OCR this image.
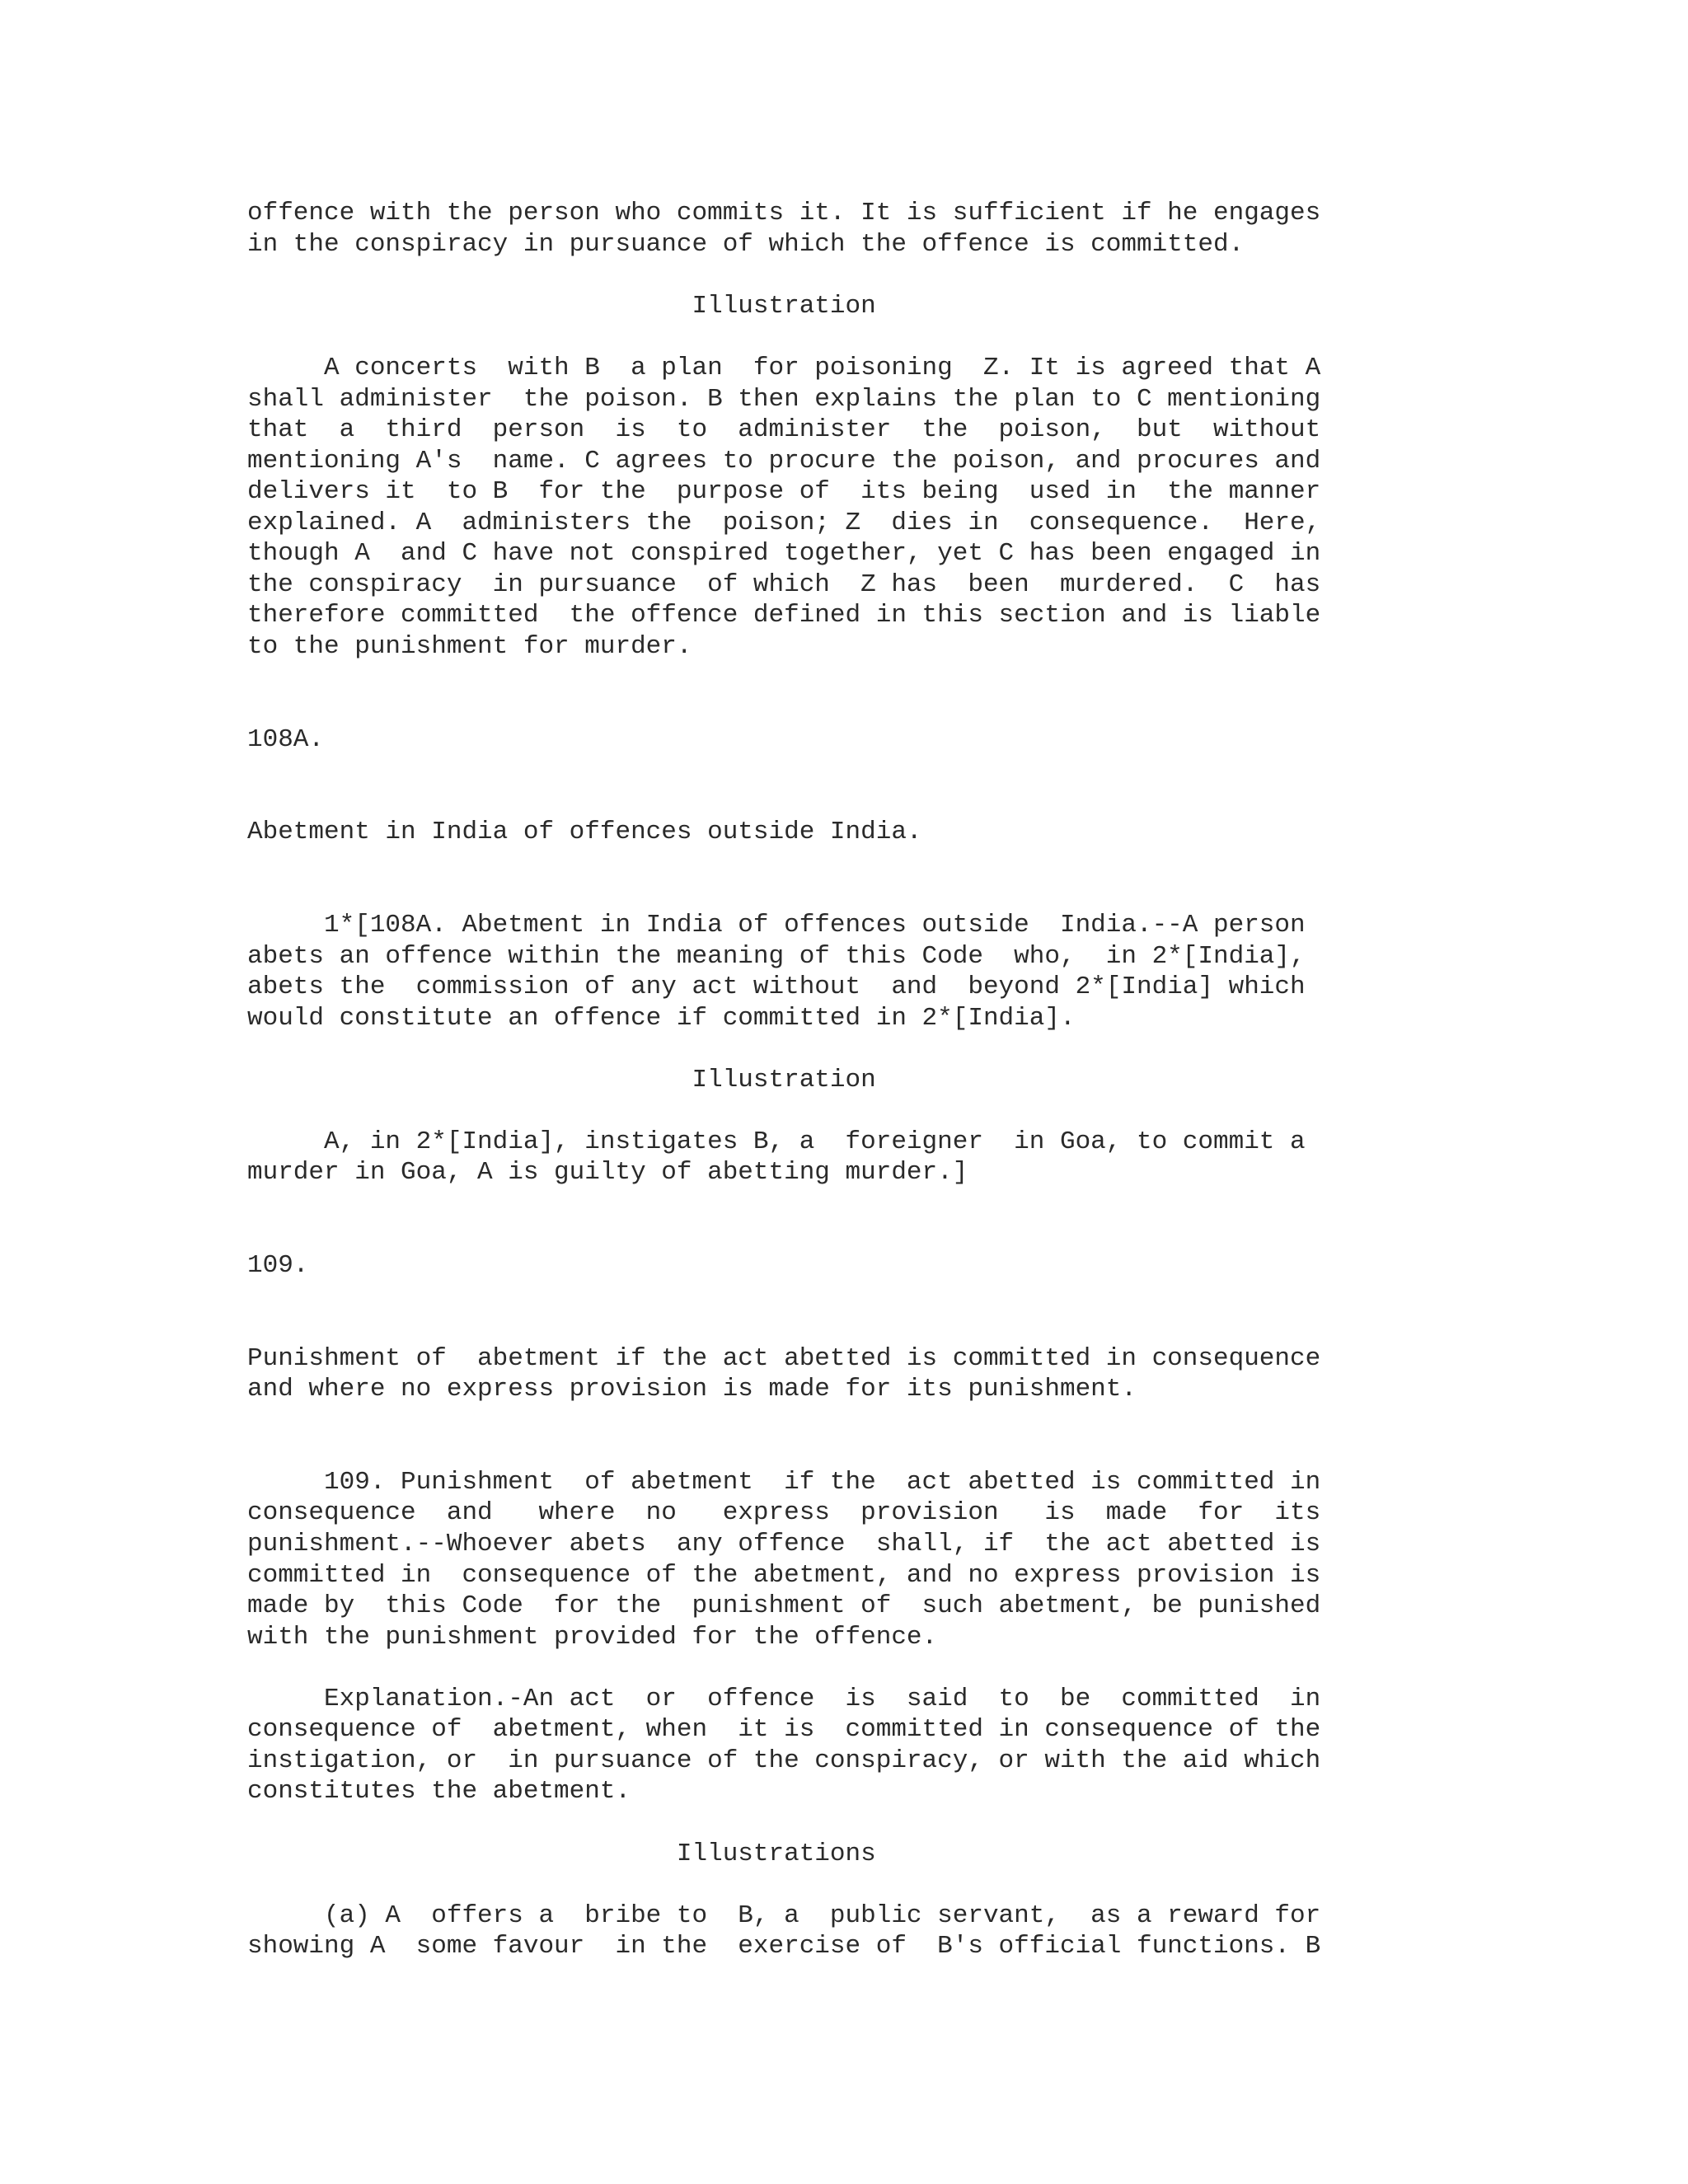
offence with the person who commits it. It is sufficient if he engages

in the conspiracy in pursuance of which the offence is committed.

Illustration

A concerts  with B  a plan  for poisoning  Z. It is agreed that A

shall administer  the poison. B then explains the plan to C mentioning

that  a  third  person  is  to  administer  the  poison,  but  without

mentioning A's  name. C agrees to procure the poison, and procures and

delivers it  to B  for the  purpose of  its being  used in  the manner

explained. A  administers the  poison; Z  dies in  consequence.  Here,

though A  and C have not conspired together, yet C has been engaged in

the conspiracy  in pursuance  of which  Z has  been  murdered.  C  has

therefore committed  the offence defined in this section and is liable

to the punishment for murder.

108A.

Abetment in India of offences outside India.

1*[108A. Abetment in India of offences outside  India.--A person

abets an offence within the meaning of this Code  who,  in 2*[India],

abets the  commission of any act without  and  beyond 2*[India] which

would constitute an offence if committed in 2*[India].

Illustration

A, in 2*[India], instigates B, a  foreigner  in Goa, to commit a

murder in Goa, A is guilty of abetting murder.]

109.

Punishment of  abetment if the act abetted is committed in consequence

and where no express provision is made for its punishment.

109. Punishment  of abetment  if the  act abetted is committed in

consequence  and   where  no   express  provision   is  made  for  its

punishment.--Whoever abets  any offence  shall, if  the act abetted is

committed in  consequence of the abetment, and no express provision is

made by  this Code  for the  punishment of  such abetment, be punished

with the punishment provided for the offence.

Explanation.-An act  or  offence  is  said  to  be  committed  in

consequence of  abetment, when  it is  committed in consequence of the

instigation, or  in pursuance of the conspiracy, or with the aid which

constitutes the abetment.

Illustrations

(a) A  offers a  bribe to  B, a  public servant,  as a reward for

showing A  some favour  in the  exercise of  B's official functions. B
